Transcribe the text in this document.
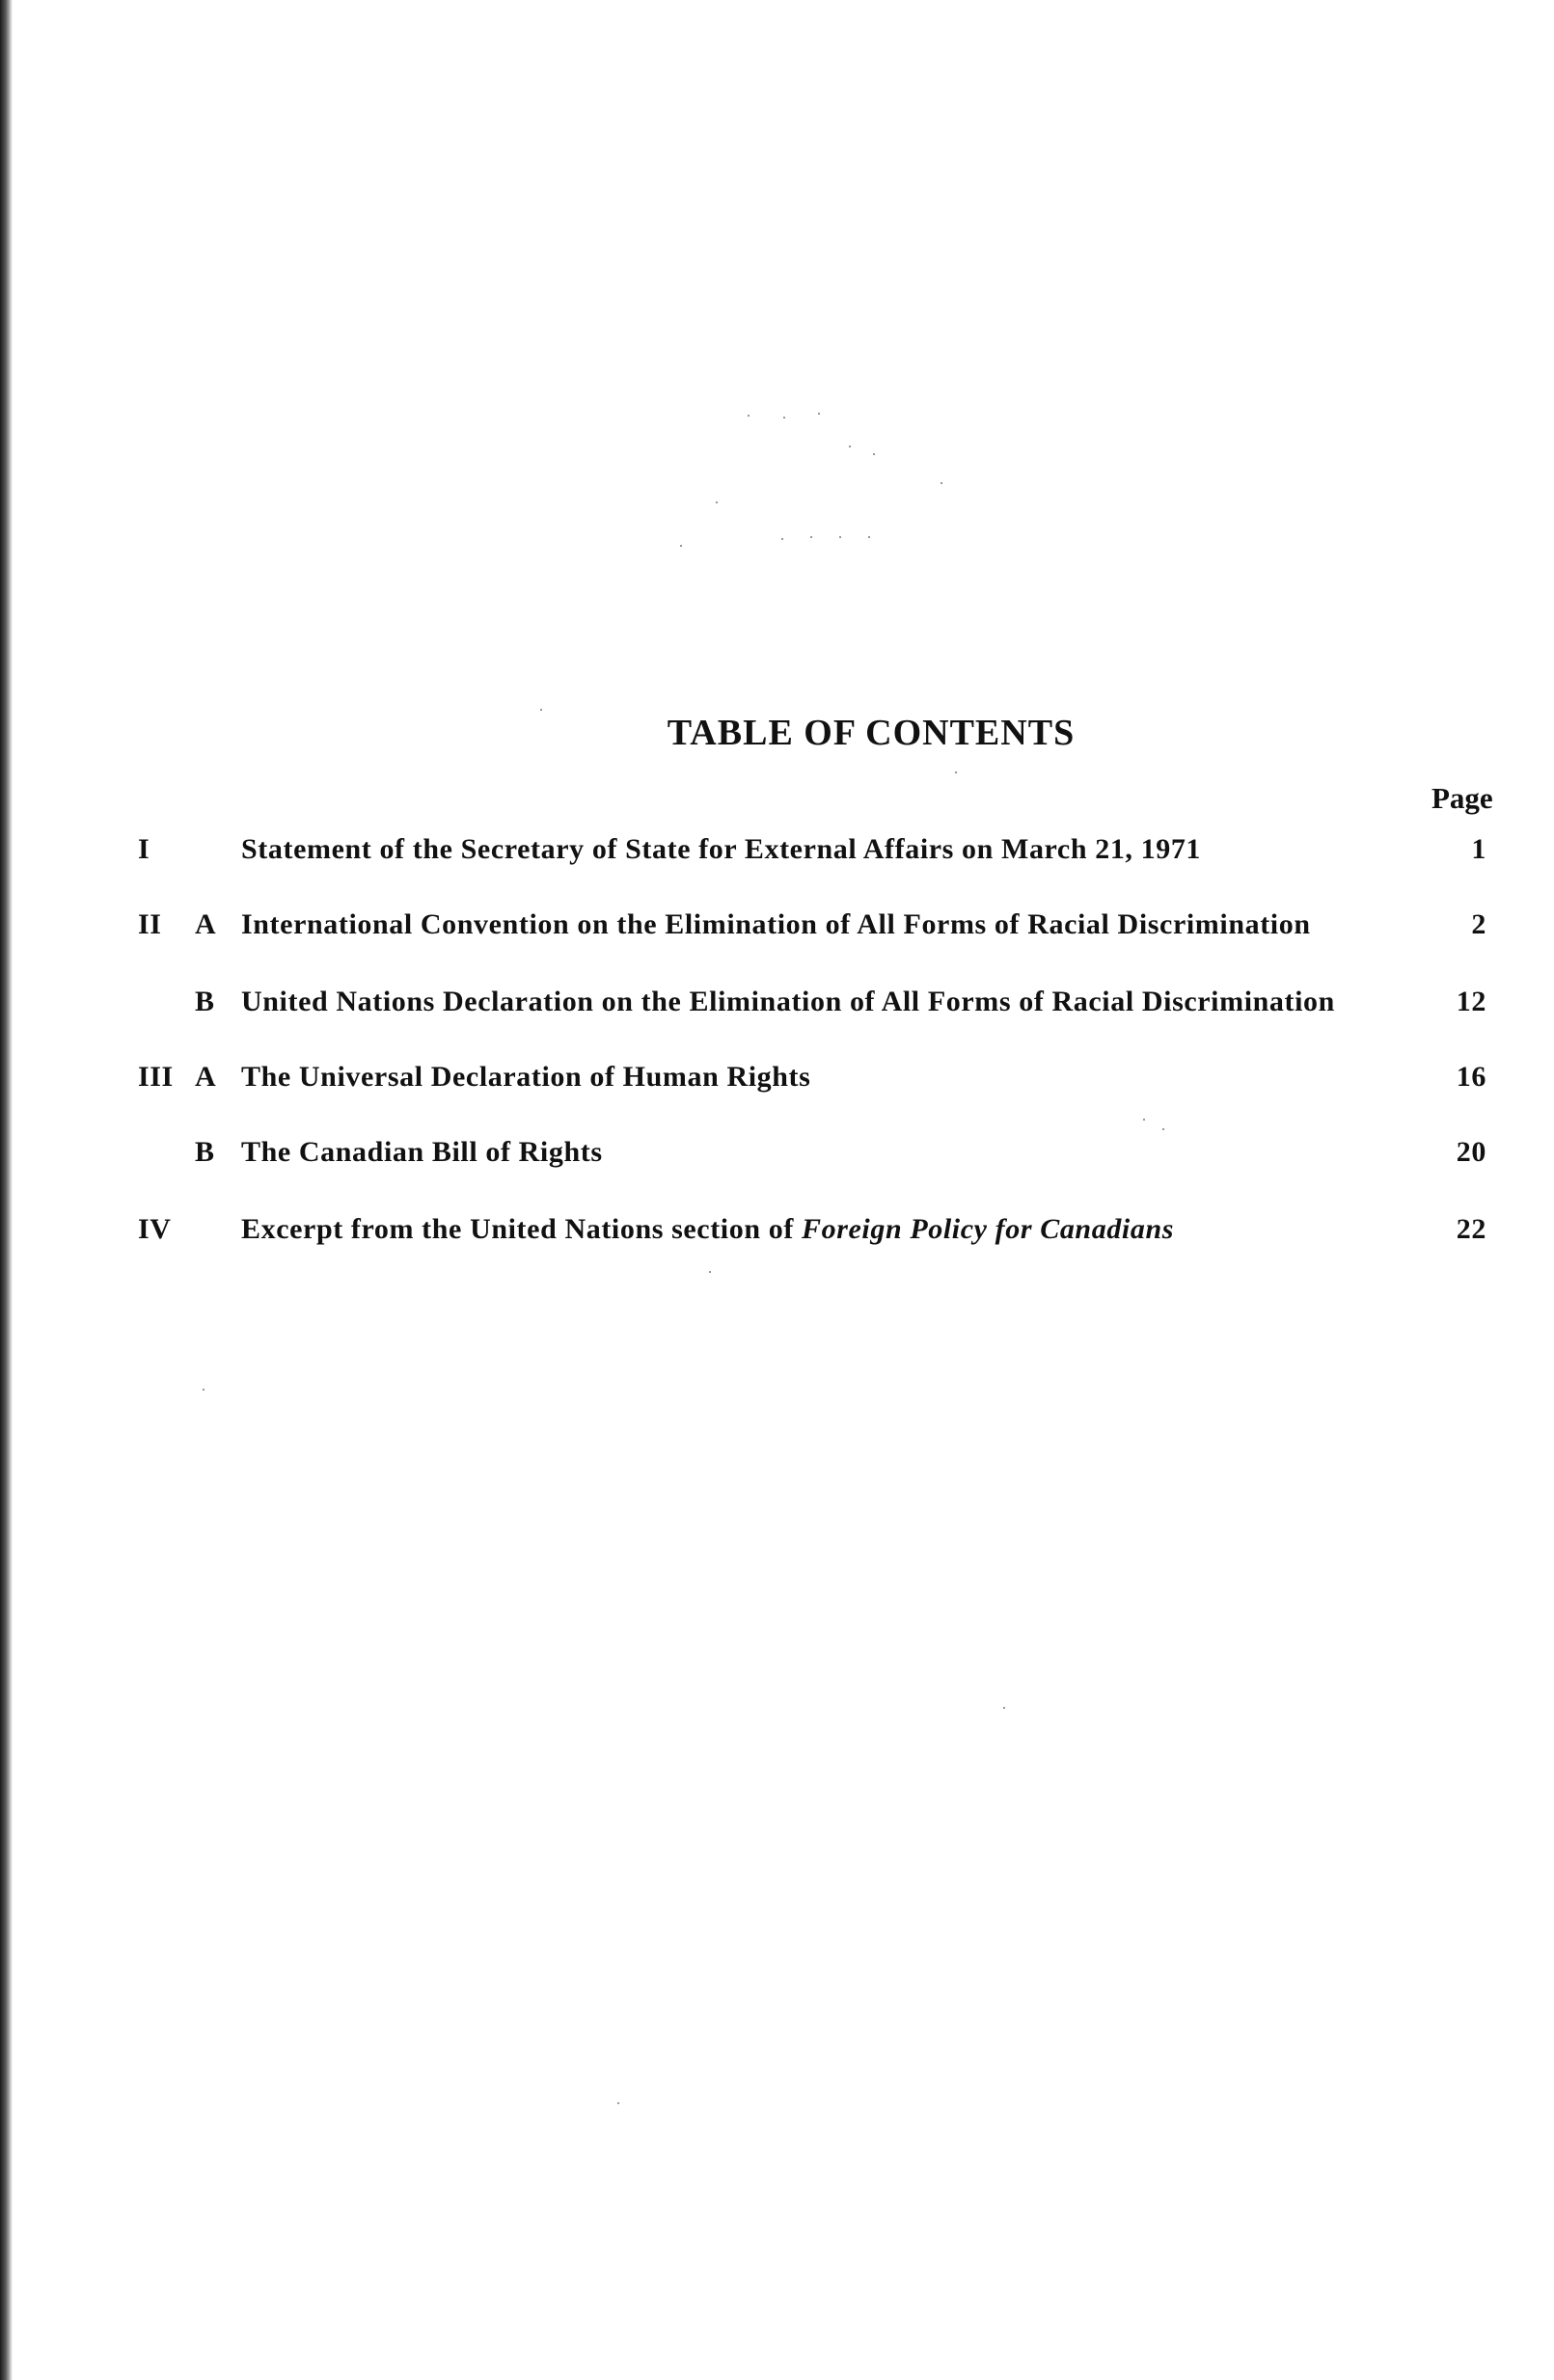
TABLE OF CONTENTS
Page
I	Statement of the Secretary of State for External Affairs on March 21, 1971	1
II A International Convention on the Elimination of All Forms of Racial Discrimination	2
B United Nations Declaration on the Elimination of All Forms of Racial Discrimination	12
III A The Universal Declaration of Human Rights	16
B The Canadian Bill of Rights	20
IV Excerpt from the United Nations section of Foreign Policy for Canadians	22
